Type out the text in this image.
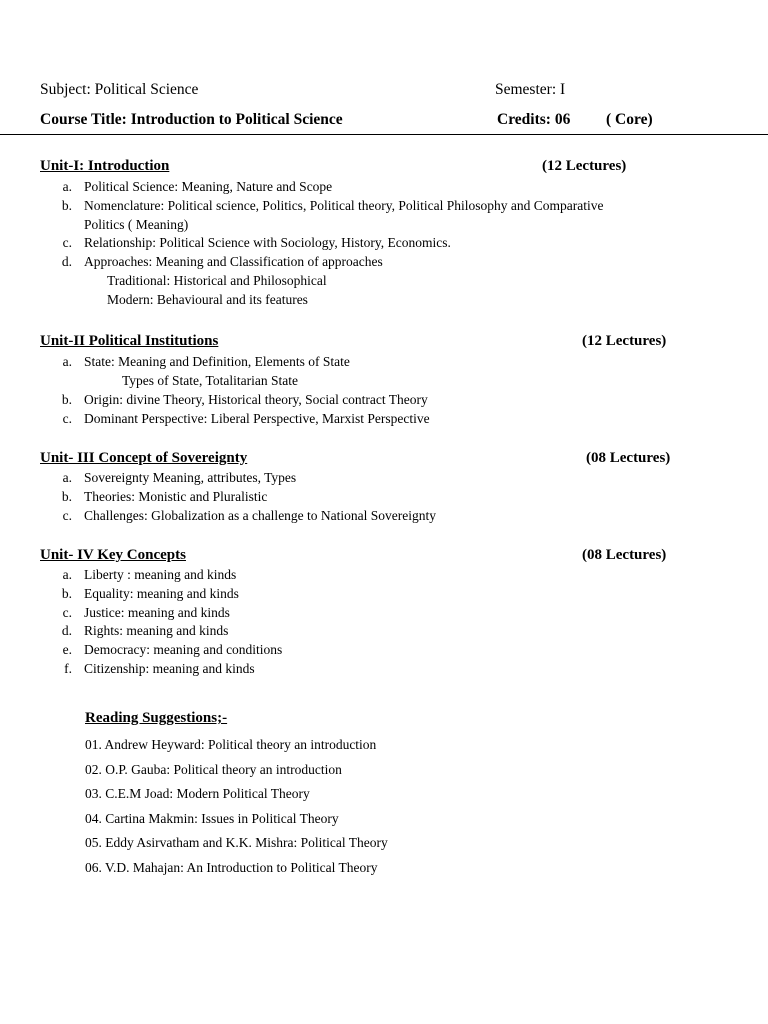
Subject: Political Science	Semester: I
Course Title: Introduction to Political Science	Credits: 06 ( Core)
Unit-I: Introduction	(12 Lectures)
a. Political Science: Meaning, Nature and Scope
b. Nomenclature: Political science, Politics, Political theory, Political Philosophy and Comparative
Politics ( Meaning)
c. Relationship: Political Science with Sociology, History, Economics.
d. Approaches: Meaning and Classification of approaches
Traditional: Historical and Philosophical
Modern: Behavioural and its features
Unit-II Political Institutions	(12 Lectures)
a. State: Meaning and Definition, Elements of State
Types of State, Totalitarian State
b. Origin: divine Theory, Historical theory, Social contract Theory
c. Dominant Perspective: Liberal Perspective, Marxist Perspective
Unit- III Concept of Sovereignty	(08 Lectures)
a. Sovereignty Meaning, attributes, Types
b. Theories: Monistic and Pluralistic
c. Challenges: Globalization as a challenge to National Sovereignty
Unit- IV Key Concepts	(08 Lectures)
a. Liberty : meaning and kinds
b. Equality: meaning and kinds
c. Justice: meaning and kinds
d. Rights: meaning and kinds
e. Democracy: meaning and conditions
f. Citizenship: meaning and kinds
Reading Suggestions;-
01. Andrew Heyward: Political theory an introduction
02. O.P. Gauba: Political theory an introduction
03. C.E.M Joad: Modern Political Theory
04. Cartina Makmin: Issues in Political Theory
05. Eddy Asirvatham and K.K. Mishra: Political Theory
06. V.D. Mahajan: An Introduction to Political Theory
